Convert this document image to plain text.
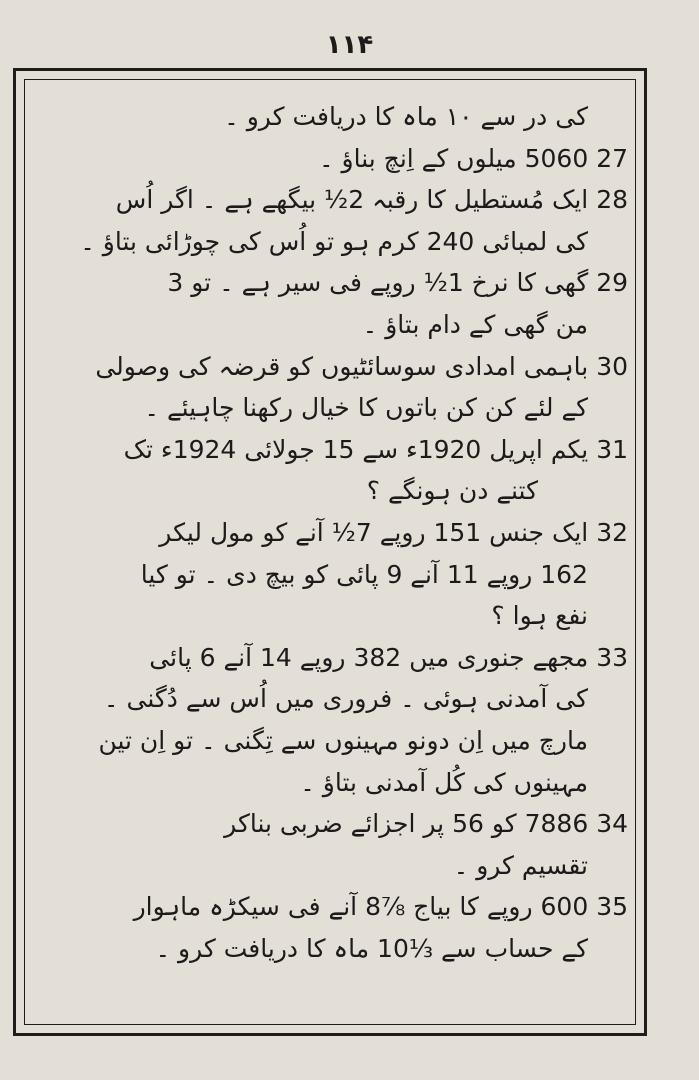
۱۱۴
کی در سے ۱۰ ماہ کا دریافت کرو ۔
27 5060 میلوں کے اِنچ بناؤ ۔
28 ایک مُستطیل کا رقبہ 2½ بیگھے ہے ۔ اگر اُس
کی لمبائی 240 کرم ہو تو اُس کی چوڑائی بتاؤ ۔
29 گھی کا نرخ 1½ روپے فی سیر ہے ۔ تو 3
من گھی کے دام بتاؤ ۔
30 باہمی امدادی سوسائٹیوں کو قرضہ کی وصولی
کے لئے کن کن باتوں کا خیال رکھنا چاہیئے ۔
31 یکم اپریل 1920ء سے 15 جولائی 1924ء تک
کتنے دن ہونگے ؟
32 ایک جنس 151 روپے 7½ آنے کو مول لیکر
162 روپے 11 آنے 9 پائی کو بیچ دی ۔ تو کیا
نفع ہوا ؟
33 مجھے جنوری میں 382 روپے 14 آنے 6 پائی
کی آمدنی ہوئی ۔ فروری میں اُس سے دُگنی ۔
مارچ میں اِن دونو مہینوں سے تِگنی ۔ تو اِن تین
مہینوں کی کُل آمدنی بتاؤ ۔
34 7886 کو 56 پر اجزائے ضربی بناکر
تقسیم کرو ۔
35 600 روپے کا بیاج ⅞8 آنے فی سیکڑہ ماہوار
کے حساب سے ⅓10 ماہ کا دریافت کرو ۔
